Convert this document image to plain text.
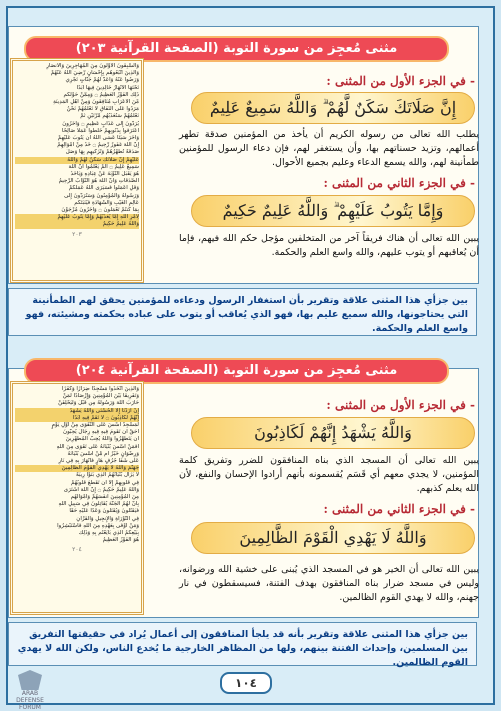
مثنى مُعجِز من سورة التوبة (الصفحة القرآنية ٢٠٣)
وَالسَّبِقُونَ الْأَوَّلُونَ مِنَ الْمُهَاجِرِينَ وَالْأَنصَارِ
وَالَّذِينَ اتَّبَعُوهُم بِإِحْسَانٍ رَّضِيَ اللَّهُ عَنْهُمْ
وَرَضُوا عَنْهُ وَأَعَدَّ لَهُمْ جَنَّاتٍ تَجْرِي
تَحْتَهَا الْأَنْهَارُ خَالِدِينَ فِيهَا أَبَدًا
ذَلِكَ الْفَوْزُ الْعَظِيمُ ۝ وَمِمَّنْ حَوْلَكُم
مِّنَ الْأَعْرَابِ مُنَافِقُونَ وَمِنْ أَهْلِ الْمَدِينَةِ
مَرَدُوا عَلَى النِّفَاقِ لَا تَعْلَمُهُمْ نَحْنُ
نَعْلَمُهُمْ سَنُعَذِّبُهُم مَّرَّتَيْنِ ثُمَّ
يُرَدُّونَ إِلَى عَذَابٍ عَظِيمٍ ۝ وَآخَرُونَ
اعْتَرَفُوا بِذُنُوبِهِمْ خَلَطُوا عَمَلًا صَالِحًا
وَآخَرَ سَيِّئًا عَسَى اللَّهُ أَن يَتُوبَ عَلَيْهِمْ
إِنَّ اللَّهَ غَفُورٌ رَّحِيمٌ ۝ خُذْ مِنْ أَمْوَالِهِمْ
صَدَقَةً تُطَهِّرُهُمْ وَتُزَكِّيهِم بِهَا وَصَلِّ
عَلَيْهِمْ إِنَّ صَلَاتَكَ سَكَنٌ لَّهُمْ وَاللَّهُ
سَمِيعٌ عَلِيمٌ ۝ أَلَمْ يَعْلَمُوا أَنَّ اللَّهَ
هُوَ يَقْبَلُ التَّوْبَةَ عَنْ عِبَادِهِ وَيَأْخُذُ
الصَّدَقَاتِ وَأَنَّ اللَّهَ هُوَ التَّوَّابُ الرَّحِيمُ
وَقُلِ اعْمَلُوا فَسَيَرَى اللَّهُ عَمَلَكُمْ
وَرَسُولُهُ وَالْمُؤْمِنُونَ وَسَتُرَدُّونَ إِلَى
عَالِمِ الْغَيْبِ وَالشَّهَادَةِ فَيُنَبِّئُكُم
بِمَا كُنتُمْ تَعْمَلُونَ ۝ وَآخَرُونَ مُرْجَوْنَ
لِأَمْرِ اللَّهِ إِمَّا يُعَذِّبُهُمْ وَإِمَّا يَتُوبُ عَلَيْهِمْ
وَاللَّهُ عَلِيمٌ حَكِيمٌ
٢٠٣
- في الجزء الأول من المثنى :
إِنَّ صَلَاتَكَ سَكَنٌ لَّهُمْ ۗ وَاللَّهُ سَمِيعٌ عَلِيمٌ
يطلب الله تعالى من رسوله الكريم أن يأخذ من المؤمنين صدقة تطهر أعمالهم، وتزيد حسناتهم بها، وأن يستغفر لهم، فإن دعاء الرسول للمؤمنين طمأنينة لهم، والله يسمع الدعاء وعليم بجميع الأحوال.
- في الجزء الثاني من المثنى :
وَإِمَّا يَتُوبُ عَلَيْهِمْ ۗ وَاللَّهُ عَلِيمٌ حَكِيمٌ
يبين الله تعالى أن هناك فريقاً آخر من المتخلفين مؤجل حكم الله فيهم، فإما أن يُعاقبهم أو يتوب عليهم، والله واسع العلم والحكمة.
بين جزأي هذا المثنى علاقة وتقرير بأن استغفار الرسول ودعاءه للمؤمنين يحقق لهم الطمأنينة التي يحتاجونها، والله سميع عليم بها، فهو الذي يُعاقب أو يتوب على عباده بحكمته ومشيئته، فهو واسع العلم والحكمة.
مثنى مُعجِز من سورة التوبة (الصفحة القرآنية ٢٠٤)
وَالَّذِينَ اتَّخَذُوا مَسْجِدًا ضِرَارًا وَكُفْرًا
وَتَفْرِيقًا بَيْنَ الْمُؤْمِنِينَ وَإِرْصَادًا لِّمَنْ
حَارَبَ اللَّهَ وَرَسُولَهُ مِن قَبْلُ وَلَيَحْلِفُنَّ
إِنْ أَرَدْنَا إِلَّا الْحُسْنَى وَاللَّهُ يَشْهَدُ
إِنَّهُمْ لَكَاذِبُونَ ۝ لَا تَقُمْ فِيهِ أَبَدًا
لَّمَسْجِدٌ أُسِّسَ عَلَى التَّقْوَى مِنْ أَوَّلِ يَوْمٍ
أَحَقُّ أَن تَقُومَ فِيهِ فِيهِ رِجَالٌ يُحِبُّونَ
أَن يَتَطَهَّرُوا وَاللَّهُ يُحِبُّ الْمُطَّهِّرِينَ
أَفَمَنْ أَسَّسَ بُنْيَانَهُ عَلَى تَقْوَى مِنَ اللَّهِ
وَرِضْوَانٍ خَيْرٌ أَم مَّنْ أَسَّسَ بُنْيَانَهُ
عَلَى شَفَا جُرُفٍ هَارٍ فَانْهَارَ بِهِ فِي نَارِ
جَهَنَّمَ وَاللَّهُ لَا يَهْدِي الْقَوْمَ الظَّالِمِينَ
لَا يَزَالُ بُنْيَانُهُمُ الَّذِي بَنَوْا رِيبَةً
فِي قُلُوبِهِمْ إِلَّا أَن تَقَطَّعَ قُلُوبُهُمْ
وَاللَّهُ عَلِيمٌ حَكِيمٌ ۝ إِنَّ اللَّهَ اشْتَرَى
مِنَ الْمُؤْمِنِينَ أَنفُسَهُمْ وَأَمْوَالَهُم
بِأَنَّ لَهُمُ الْجَنَّةَ يُقَاتِلُونَ فِي سَبِيلِ اللَّهِ
فَيَقْتُلُونَ وَيُقْتَلُونَ وَعْدًا عَلَيْهِ حَقًّا
فِي التَّوْرَاةِ وَالْإِنجِيلِ وَالْقُرْآنِ
وَمَنْ أَوْفَى بِعَهْدِهِ مِنَ اللَّهِ فَاسْتَبْشِرُوا
بِبَيْعِكُمُ الَّذِي بَايَعْتُم بِهِ وَذَلِكَ
هُوَ الْفَوْزُ الْعَظِيمُ
٢٠٤
- في الجزء الأول من المثنى :
وَاللَّهُ يَشْهَدُ إِنَّهُمْ لَكَاذِبُونَ
يبين الله تعالى أن المسجد الذي بناه المنافقون للضرر وتفريق كلمة المؤمنين، لا يجدي معهم أي قَسَم يُقسمونه بأنهم أرادوا الإحسان والنفع، لأن الله يعلم كذبهم.
- في الجزء الثاني من المثنى :
وَاللَّهُ لَا يَهْدِي الْقَوْمَ الظَّالِمِينَ
يبين الله تعالى أن الخير هو في المسجد الذي يُبنى على خشية الله ورضوانه، وليس في مسجد ضرار بناه المنافقون بهدف الفتنة، فسيسقطون في نار جهنم، والله لا يهدي القوم الظالمين.
بين جزأي هذا المثنى علاقة وتقرير بأنه قد يلجأ المنافقون إلى أعمال يُراد في حقيقتها التفريق بين المسلمين، وإحداث الفتنة بينهم، ولها من المظاهر الخارجية ما يُخدع الناس، ولكن الله لا يهدي القوم الظالمين.
١٠٤
ARAB DEFENSE FORUM
